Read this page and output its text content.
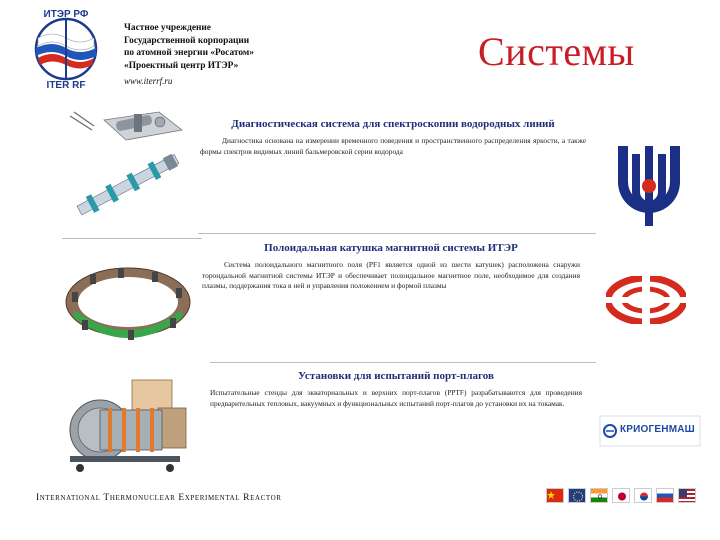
ИТЭР РФ
ITER RF
Частное учреждение
Государственной корпорации
по атомной энергии «Росатом»
«Проектный центр ИТЭР»
www.iterrf.ru
Системы
Диагностическая система для спектроскопии водородных линий
Диагностика основана на измерении временного поведения и пространственного распределения яркости, а также формы спектров видимых линий бальмеровской серии водорода
Полоидальная катушка магнитной системы ИТЭР
Система полоидального магнитного поля (PF1 является одной из шести катушек) расположена снаружи тороидальной магнитной системы ИТЭР и обеспечивает полоидальное магнитное поле, необходимое для создания плазмы, поддержания тока в ней и управления положением и формой плазмы
Установки для испытаний порт-плагов
Испытательные стенды для экваториальных и верхних порт-плагов (PPTF) разрабатываются для проведения предварительных тепловых, вакуумных и функциональных испытаний порт-плагов до установки их на токамак.
КРИОГЕНМАШ
International Thermonuclear Experimental Reactor
